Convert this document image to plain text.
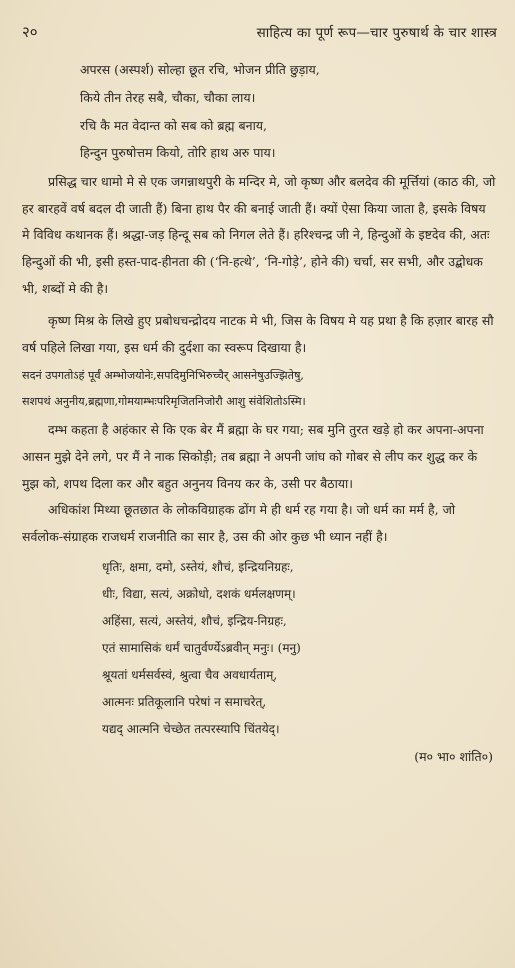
२०	साहित्य का पूर्ण रूप—चार पुरुषार्थ के चार शास्त्र
अपरस (अस्पर्श) सोल्हा छूत रचि, भोजन प्रीति छुड़ाय,
किये तीन तेरह सबै, चौका, चौका लाय।
रचि कै मत वेदान्त को सब को ब्रह्म बनाय,
हिन्दुन पुरुषोत्तम कियो, तोरि हाथ अरु पाय।

प्रसिद्ध चार धामो मे से एक जगन्नाथपुरी के मन्दिर मे, जो कृष्ण और बलदेव की मूर्त्तियां (काठ की, जो हर बारहवें वर्ष बदल दी जाती हैं) बिना हाथ पैर की बनाई जाती हैं। क्यों ऐसा किया जाता है, इसके विषय मे विविध कथानक हैं। श्रद्धा-जड़ हिन्दू सब को निगल लेते हैं। हरिश्चन्द्र जी ने, हिन्दुओं के इष्टदेव की, अतः हिन्दुओं की भी, इसी हस्त-पाद-हीनता की (‘नि-हत्थे’, ‘नि-गोड़े’, होने की) चर्चा, सर सभी, और उद्बोधक भी, शब्दों मे की है।

कृष्ण मिश्र के लिखे हुए प्रबोधचन्द्रोदय नाटक मे भी, जिस के विषय मे यह प्रथा है कि हज़ार बारह सौ वर्ष पहिले लिखा गया, इस धर्म की दुर्दशा का स्वरूप दिखाया है।

सदनं उपगतोऽहं पूर्वं अम्भोजयोनेः,सपदिमुनिभिरुच्चैर् आसनेषुउज्झितेषु,

सशपथं अनुनीय,ब्रह्मणा,गोमयाम्भःपरिमृजितनिजोरौ आशु संवेशितोऽस्मि।

दम्भ कहता है अहंकार से कि एक बेर मैं ब्रह्मा के घर गया; सब मुनि तुरत खड़े हो कर अपना-अपना आसन मुझे देने लगे, पर मैं ने नाक सिकोड़ी; तब ब्रह्मा ने अपनी जांघ को गोबर से लीप कर शुद्ध कर के मुझ को, शपथ दिला कर और बहुत अनुनय विनय कर के, उसी पर बैठाया।

अधिकांश मिथ्या छूतछात के लोकविग्राहक ढोंग मे ही धर्म रह गया है। जो धर्म का मर्म है, जो सर्वलोक-संग्राहक राजधर्म राजनीति का सार है, उस की ओर कुछ भी ध्यान नहीं है।

धृतिः, क्षमा, दमो, ऽस्तेयं, शौचं, इन्द्रियनिग्रहः,
धीः, विद्या, सत्यं, अक्रोधो, दशकं धर्मलक्षणम्।
अहिंसा, सत्यं, अस्तेयं, शौचं, इन्द्रिय-निग्रहः,
एतं सामासिकं धर्मं चातुर्वर्ण्येऽब्रवीन् मनुः। (मनु)
श्रूयतां धर्मसर्वस्वं, श्रुत्वा चैव अवधार्यताम्,
आत्मनः प्रतिकूलानि परेषां न समाचरेत्,
यद्यद् आत्मनि चेच्छेत तत्परस्यापि चिंतयेद्।
(म० भा० शांति०)
